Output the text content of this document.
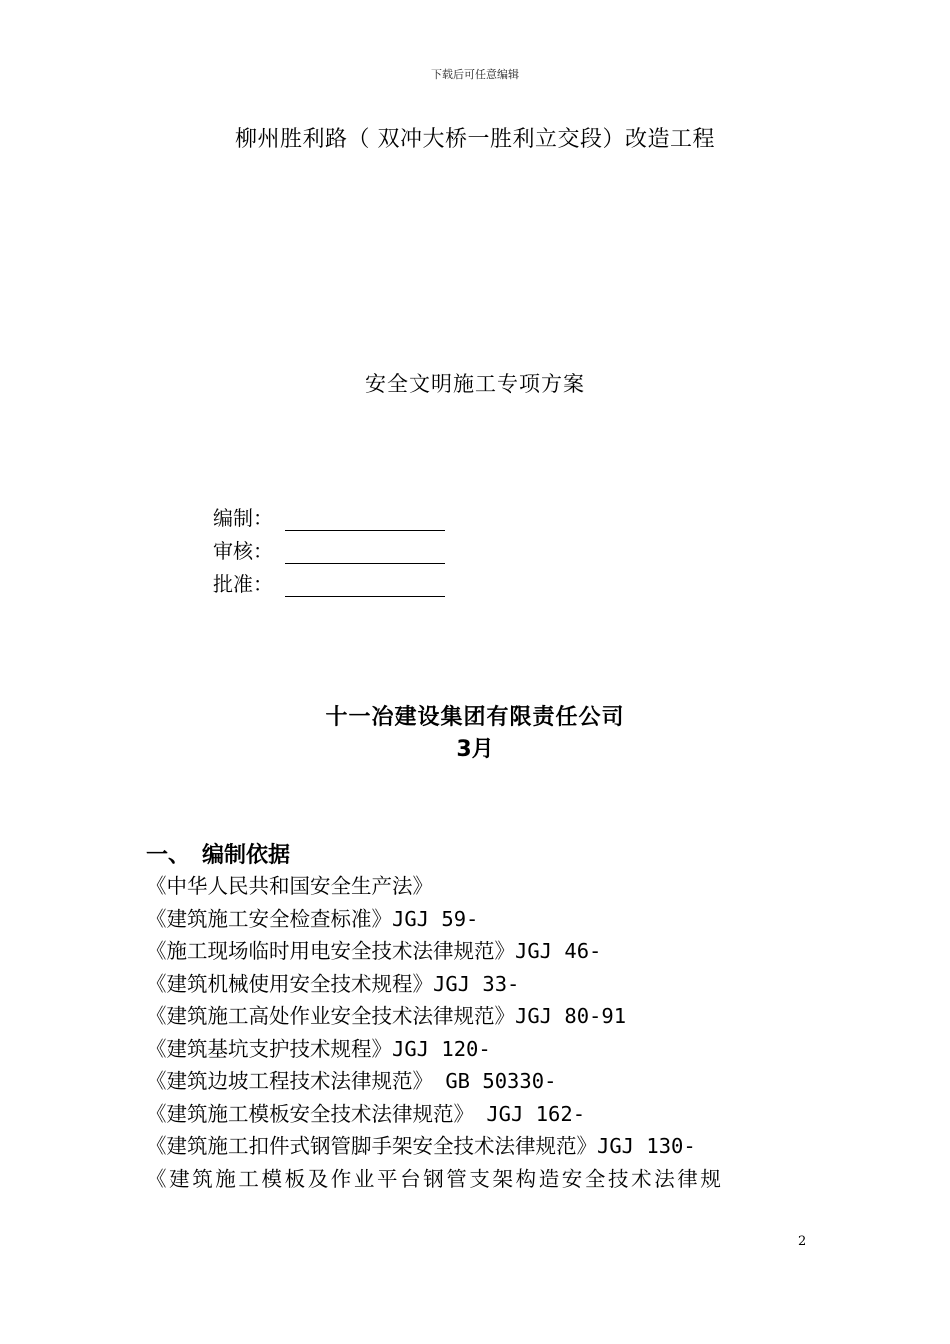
下载后可任意编辑
柳州胜利路（ 双冲大桥一胜利立交段）改造工程
安全文明施工专项方案
编制：
审核：
批准：
十一冶建设集团有限责任公司
3月
一、 编制依据
《中华人民共和国安全生产法》
《建筑施工安全检查标准》JGJ 59-
《施工现场临时用电安全技术法律规范》JGJ 46-
《建筑机械使用安全技术规程》JGJ 33-
《建筑施工高处作业安全技术法律规范》JGJ 80-91
《建筑基坑支护技术规程》JGJ 120-
《建筑边坡工程技术法律规范》 GB 50330-
《建筑施工模板安全技术法律规范》 JGJ 162-
《建筑施工扣件式钢管脚手架安全技术法律规范》JGJ 130-
《建筑施工模板及作业平台钢管支架构造安全技术法律规
2
